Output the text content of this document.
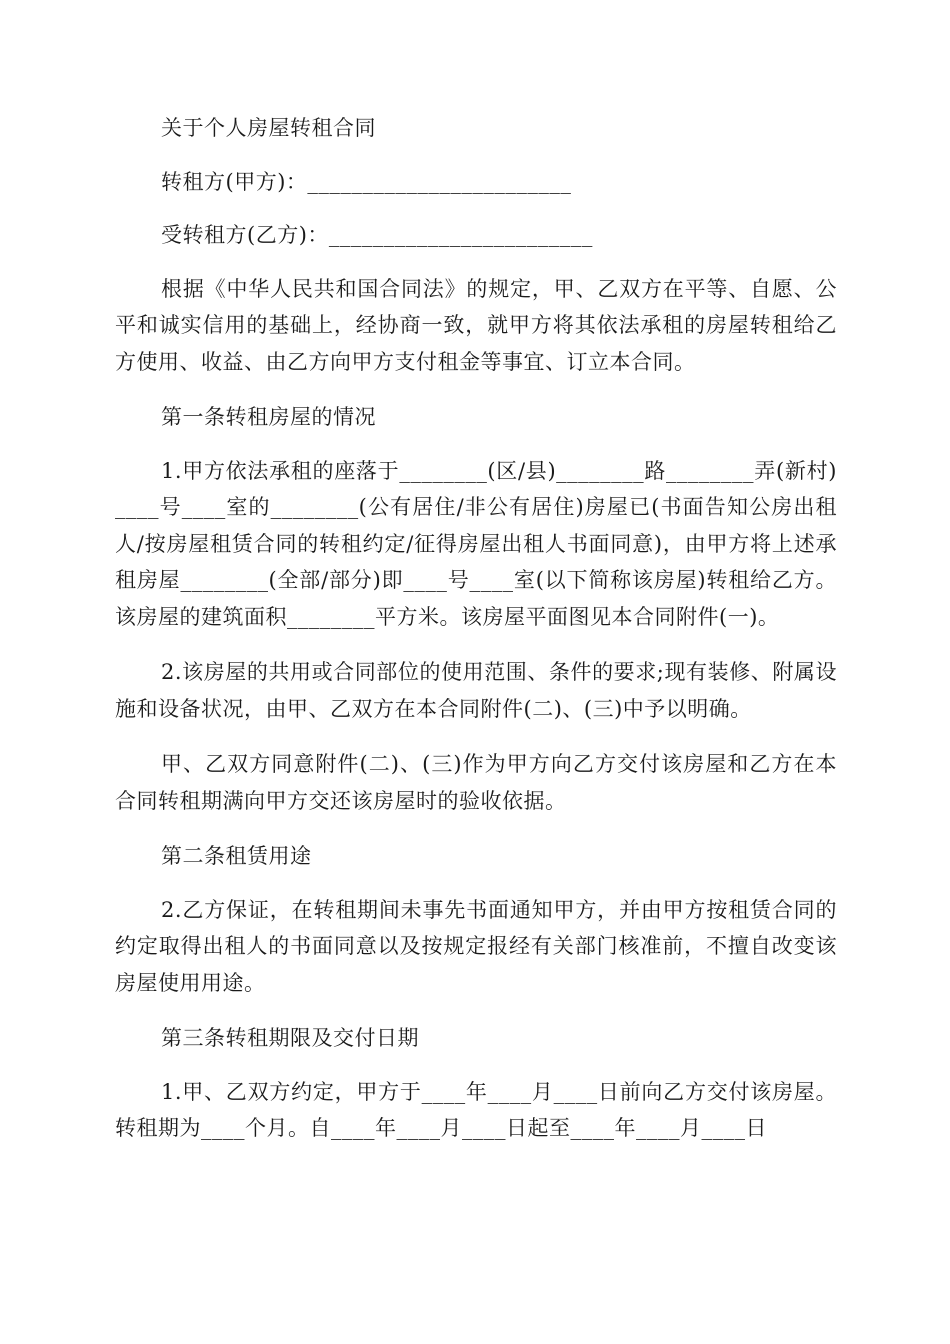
关于个人房屋转租合同

转租方(甲方)：________________________

受转租方(乙方)：________________________

根据《中华人民共和国合同法》的规定，甲、乙双方在平等、自愿、公平和诚实信用的基础上，经协商一致，就甲方将其依法承租的房屋转租给乙方使用、收益、由乙方向甲方支付租金等事宜、订立本合同。

第一条转租房屋的情况

1.甲方依法承租的座落于________(区/县)________路________弄(新村)____号____室的________(公有居住/非公有居住)房屋已(书面告知公房出租人/按房屋租赁合同的转租约定/征得房屋出租人书面同意)，由甲方将上述承租房屋________(全部/部分)即____号____室(以下简称该房屋)转租给乙方。该房屋的建筑面积________平方米。该房屋平面图见本合同附件(一)。

2.该房屋的共用或合同部位的使用范围、条件的要求;现有装修、附属设施和设备状况，由甲、乙双方在本合同附件(二)、(三)中予以明确。

甲、乙双方同意附件(二)、(三)作为甲方向乙方交付该房屋和乙方在本合同转租期满向甲方交还该房屋时的验收依据。

第二条租赁用途

2.乙方保证，在转租期间未事先书面通知甲方，并由甲方按租赁合同的约定取得出租人的书面同意以及按规定报经有关部门核准前，不擅自改变该房屋使用用途。

第三条转租期限及交付日期

1.甲、乙双方约定，甲方于____年____月____日前向乙方交付该房屋。转租期为____个月。自____年____月____日起至____年____月____日
